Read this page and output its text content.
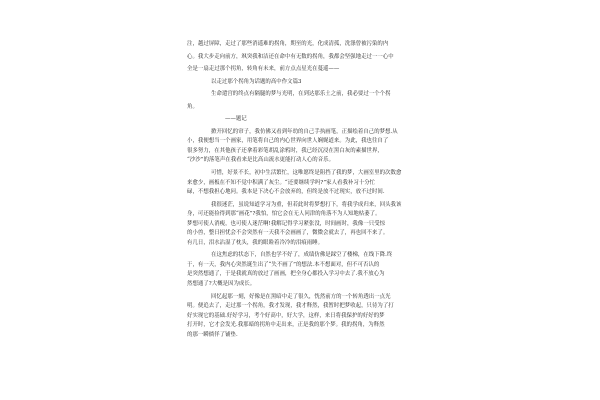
注，越过屏障，走过了那些消遥难的拐角，期至的光，化成清孤，洗涤曾被污染的内

心。我大步走向前方，飒突我和洁还在命中有无数的拐角，我都会坚强地走过一一心中

全是一扇走过那个拐角，转角有未来，前方点点星光在蔓遥——

以走过那个拐角为话题的高中作文篇3

生命遣宫的终点有隔腿的梦与光明，在到达那乐土之前，我必要过一个个拐

角。

——题记

掀开回忆的帘子，我仿佛又看到年幼的自己手执画笔，正描绘着自己的梦想.从

小，我便想当一个画家，用笔将自己的内心世界向世人娴娓道来。为此，我也往自了

很多努力，在其他孩子还拿着彩笔胡乱涂鸦时，我已经沉浸在黑白灰的素描世界，

“沙沙”的落笔声在我看来是比高山流水更能打动人心的音乐。

可惜，好景不长，初中生活繁忙，这唯愿终是阻挡了我的梦，大画室里的次数愈

来愈少，画板在不知不觉中积满了灰尘。“还要继续学吗?”家人看我补习十分忙

碌，不想我担心地问。我本是下决心不会放弃的，但终是放不过现实，放不过时间.

我很迷茫，虽说知道学习为重，但若此时将梦想打下，将我学成归来，回头我该

身，可还能捡得到那“画花”?我怕，怕它会在无人问津的角落不为人知地枯萎了。

梦想可使人消瘦，也可使人迷茫啊!我解记得学习紧张没，时间画时，我像一只受惊

的小兽，整日担忧会不会突然有一天我不会画画了，微微会就去了，再也回不来了。

有几日，泪水沾湿了枕头，我的眼睑着冷冷的泪痕雨睡。

在这焦虑的状态下，自然也学不好了，成绩仿佛是踩空了楼梯，在线下降.终

于，有一天，我内心突然诞生出了“失不画了”的想法.本不想面对，但不可否认的

是突然想通了，于是我就真的放过了画画，把全身心都投入学习中去了.我不放心为

然想通了?大概是因为成长。

回忆起那一刻，好像是在黑暗中走了很久，恍然前方的一个转角透出一点光

明。便追去了，走过那一个拐角，我才发现，我才释然，我暂时把梦收起，只待为了打

好实现它的基础.好好学习，考个好高中，好大学，这样，来日将我保护的好好的梦

打开时，它才会发光.我那暗的拐角中走出来，正是我的那个梦。我的拐角，为释然

的那一瞬徜徉了铺垫.
